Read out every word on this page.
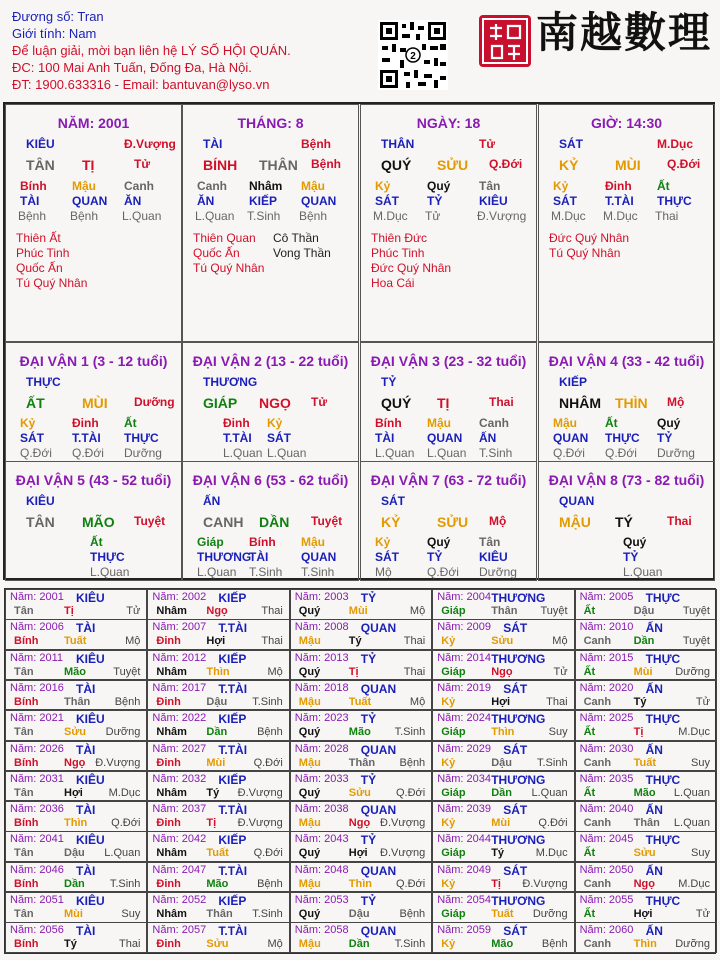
Đương số: Tran
Giới tính: Nam
Để luận giải, mời bạn liên hệ LÝ SỐ HỘI QUÁN.
ĐC: 100 Mai Anh Tuấn, Đống Đa, Hà Nội.
ĐT: 1900.633316 - Email: bantuvan@lyso.vn
2	南越數理
NĂM: 2001
KIÊU	Đ.Vượng
TÂN TỊ	Tử
Bính Mậu Canh
TÀI	QUAN ĂN
Bệnh Bệnh L.Quan
Thiên Ất
Phúc Tinh
Quốc Ấn
Tú Quý Nhân
THÁNG: 8
TÀI	Bệnh
BÍNH THÂN Bệnh
Canh Nhâm Mậu
ĂN	KIẾP QUAN
L.Quan T.Sinh Bệnh
Thiên Quan
Quốc Ấn
Tú Quý Nhân
Cô Thần
Vong Thần
NGÀY: 18
THÂN	Tử
QUÝ SỬU Q.Đới
Kỷ	Quý Tân
SÁT TỶ	KIÊU
M.Dục Tử	Đ.Vượng
Thiên Đức
Phúc Tinh
Đức Quý Nhân
Hoa Cái
GIỜ: 14:30
SÁT	M.Dục
KỶ	MÙI Q.Đới
Kỷ	Đinh Ất
SÁT T.TÀI THỰC
M.Dục M.Dục Thai
Đức Quý Nhân
Tú Quý Nhân
ĐẠI VẬN 1 (3 - 12 tuổi)
THỰC
ẤT	MÙI Dưỡng
Kỷ	Đinh Ất
SÁT T.TÀI THỰC
Q.Đới Q.Đới Dưỡng
ĐẠI VẬN 2 (13 - 22 tuổi)
THƯƠNG
GIÁP NGỌ Tử
Đinh Kỷ
T.TÀI SÁT
L.Quan L.Quan
ĐẠI VẬN 3 (23 - 32 tuổi)
TỶ
QUÝ TỊ	Thai
Bính Mậu Canh
TÀI	QUAN ẤN
L.Quan L.Quan T.Sinh
ĐẠI VẬN 4 (33 - 42 tuổi)
KIẾP
NHÂM THÌN Mộ
Mậu Ất	Quý
QUAN THỰC TỶ
Q.Đới Q.Đới Dưỡng
ĐẠI VẬN 5 (43 - 52 tuổi)
KIÊU
TÂN MÃO Tuyệt
Ất
THỰC
L.Quan
ĐẠI VẬN 6 (53 - 62 tuổi)
ẤN
CANH DẦN Tuyệt
Giáp Bính Mậu
THƯƠNG
TÀI	QUAN
L.Quan T.Sinh T.Sinh
ĐẠI VẬN 7 (63 - 72 tuổi)
SÁT
KỶ	SỬU Mộ
Kỷ	Quý Tân
SÁT TỶ	KIÊU
Mộ	Q.Đới Dưỡng
ĐẠI VẬN 8 (73 - 82 tuổi)
QUAN
MẬU TÝ	Thai
Quý
TỶ
L.Quan
Năm: 2001 KIÊU
Tân	Tị	Tử
Năm: 2002 KIẾP
Nhâm Ngọ	Thai
Năm: 2003 TỶ
Quý	Mùi	Mộ
Năm: 2004 THƯƠNG
Giáp Thân Tuyệt
Năm: 2005 THỰC
Ất	Dậu	Tuyệt
Năm: 2006 TÀI
Bính Tuất	Mộ
Năm: 2007 T.TÀI
Đinh Hợi	Thai
Năm: 2008 QUAN
Mậu	Tý	Thai
Năm: 2009 SÁT
Kỷ	Sửu	Mộ
Năm: 2010 ẤN
Canh Dần	Tuyệt
Năm: 2011 KIÊU
Tân	Mão Tuyệt
Năm: 2012 KIẾP
Nhâm Thìn	Mộ
Năm: 2013 TỶ
Quý	Tị	Thai
Năm: 2014 THƯƠNG
Giáp Ngọ	Tử
Năm: 2015 THỰC
Ất	Mùi Dưỡng
Năm: 2016 TÀI
Bính Thân Bệnh
Năm: 2017 T.TÀI
Đinh Dậu T.Sinh
Năm: 2018 QUAN
Mậu	Tuất	Mộ
Năm: 2019 SÁT
Kỷ	Hợi	Thai
Năm: 2020 ẤN
Canh Tý	Tử
Năm: 2021 KIÊU
Tân	Sửu Dưỡng
Năm: 2022 KIẾP
Nhâm Dần	Bệnh
Năm: 2023 TỶ
Quý	Mão T.Sinh
Năm: 2024 THƯƠNG
Giáp Thìn	Suy
Năm: 2025 THỰC
Ất	Tị	M.Dục
Năm: 2026 TÀI
Bính Ngọ Đ.Vượng
Năm: 2027 T.TÀI
Đinh Mùi	Q.Đới
Năm: 2028 QUAN
Mậu	Thân Bệnh
Năm: 2029 SÁT
Kỷ	Dậu T.Sinh
Năm: 2030 ẤN
Canh Tuất	Suy
Năm: 2031 KIÊU
Tân	Hợi M.Dục
Năm: 2032 KIẾP
Nhâm Tý Đ.Vượng
Năm: 2033 TỶ
Quý	Sửu Q.Đới
Năm: 2034 THƯƠNG
Giáp Dần L.Quan
Năm: 2035 THỰC
Ất	Mão L.Quan
Năm: 2036 TÀI
Bính Thìn Q.Đới
Năm: 2037 T.TÀI
Đinh Tị Đ.Vượng
Năm: 2038 QUAN
Mậu	Ngọ Đ.Vượng
Năm: 2039 SÁT
Kỷ	Mùi	Q.Đới
Năm: 2040 ẤN
Canh Thân L.Quan
Năm: 2041 KIÊU
Tân	Dậu L.Quan
Năm: 2042 KIẾP
Nhâm Tuất Q.Đới
Năm: 2043 TỶ
Quý	Hợi Đ.Vượng
Năm: 2044 THƯƠNG
Giáp Tý	M.Dục
Năm: 2045 THỰC
Ất	Sửu	Suy
Năm: 2046 TÀI
Bính Dần T.Sinh
Năm: 2047 T.TÀI
Đinh Mão	Bệnh
Năm: 2048 QUAN
Mậu	Thìn Q.Đới
Năm: 2049 SÁT
Kỷ	Tị Đ.Vượng
Năm: 2050 ẤN
Canh Ngọ M.Dục
Năm: 2051 KIÊU
Tân	Mùi	Suy
Năm: 2052 KIẾP
Nhâm Thân T.Sinh
Năm: 2053 TỶ
Quý	Dậu	Bệnh
Năm: 2054 THƯƠNG
Giáp Tuất Dưỡng
Năm: 2055 THỰC
Ất	Hợi	Tử
Năm: 2056 TÀI
Bính Tý	Thai
Năm: 2057 T.TÀI
Đinh Sửu	Mộ
Năm: 2058 QUAN
Mậu	Dần T.Sinh
Năm: 2059 SÁT
Kỷ	Mão	Bệnh
Năm: 2060 ẤN
Canh Thìn Dưỡng
